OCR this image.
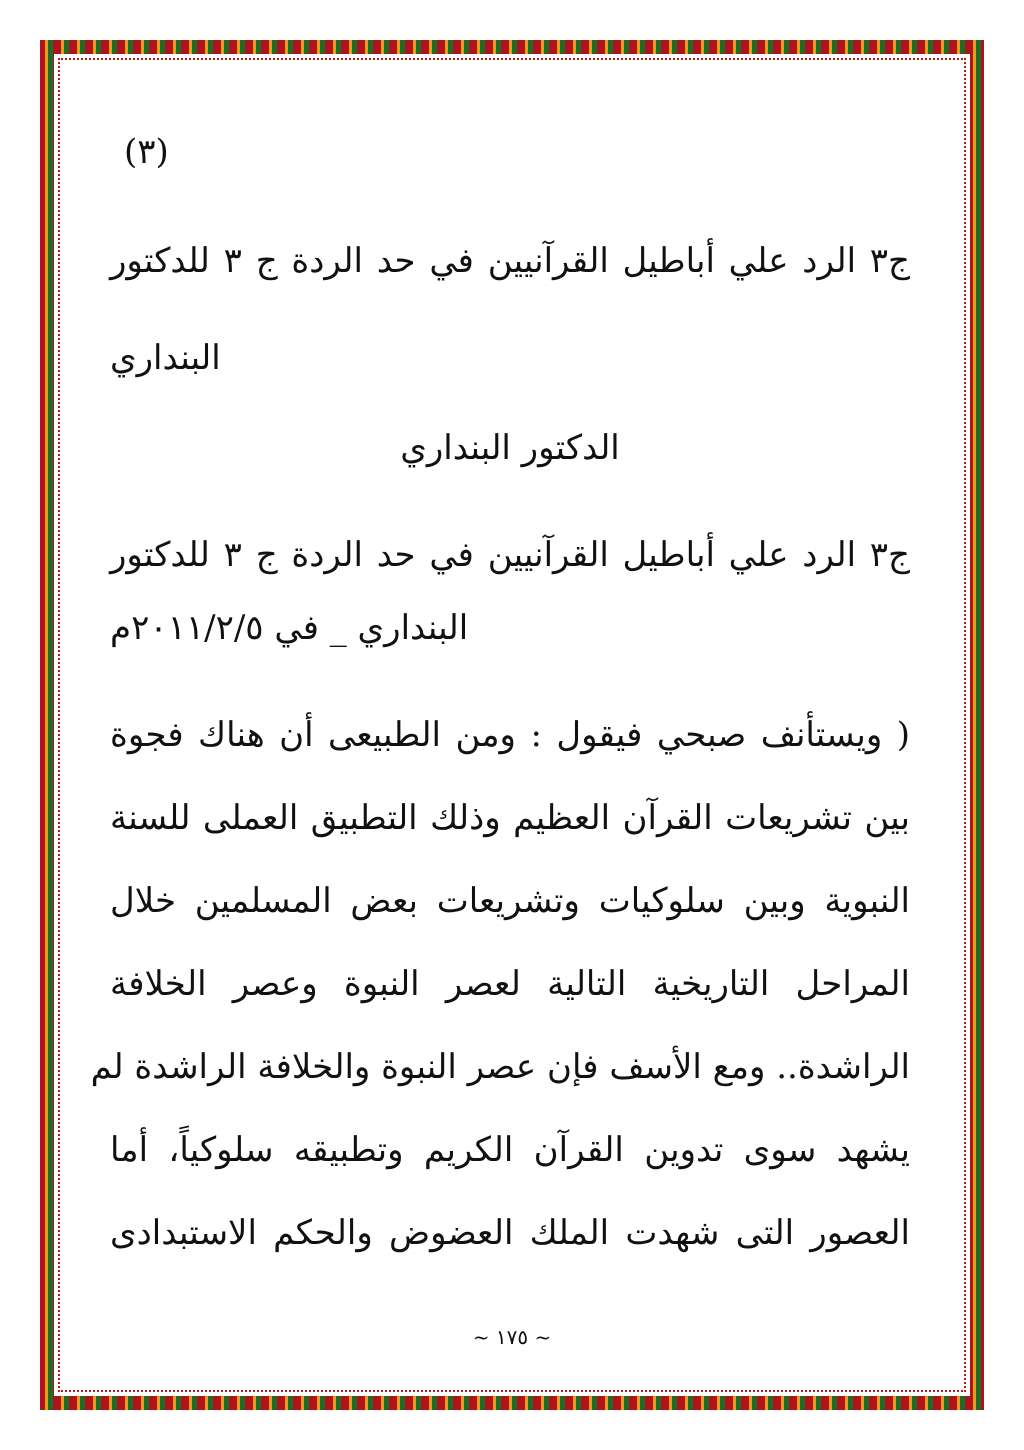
(٣)
ج٣ الرد علي أباطيل القرآنيين في حد الردة ج ٣ للدكتور
البنداري
الدكتور البنداري
ج٣ الرد علي أباطيل القرآنيين في حد الردة ج ٣ للدكتور
البنداري _ في ٢٠١١/٢/٥م
( ويستأنف صبحي فيقول : ومن الطبيعى أن هناك فجوة
بين تشريعات القرآن العظيم وذلك التطبيق العملى للسنة
النبوية وبين سلوكيات وتشريعات بعض المسلمين خلال
المراحل التاريخية التالية لعصر النبوة وعصر الخلافة
الراشدة.. ومع الأسف فإن عصر النبوة والخلافة الراشدة لم
يشهد سوى تدوين القرآن الكريم وتطبيقه سلوكياً، أما
العصور التى شهدت الملك العضوض والحكم الاستبدادى
~ ١٧٥ ~
